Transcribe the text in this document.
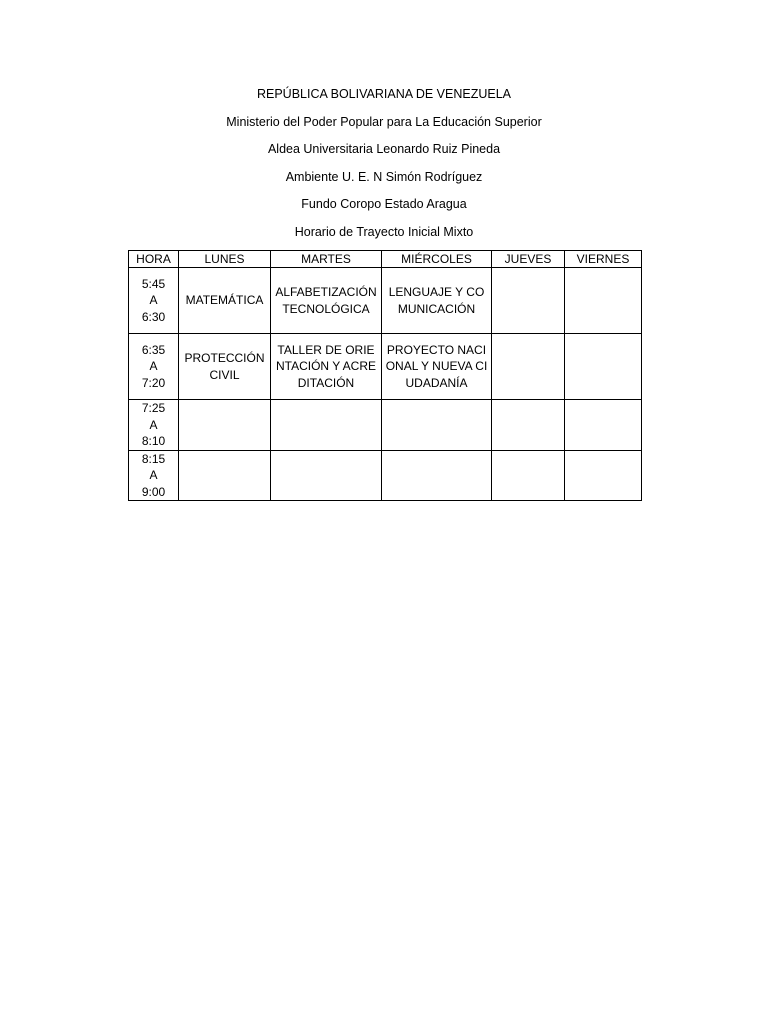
REPÚBLICA BOLIVARIANA DE VENEZUELA
Ministerio del Poder Popular para La Educación Superior
Aldea Universitaria Leonardo Ruiz Pineda
Ambiente U. E. N Simón Rodríguez
Fundo Coropo Estado Aragua
Horario de Trayecto Inicial Mixto
HORA	LUNES	MARTES	MIÉRCOLES	JUEVES	VIERNES

5:45
A
6:30	MATEMÁTICA	ALFABETIZACIÓN TECNOLÓGICA	LENGUAJE Y COMUNICACIÓN		

6:35
A
7:20	PROTECCIÓN CIVIL	TALLER DE ORIENTACIÓN Y ACREDITACIÓN	PROYECTO NACIONAL Y NUEVA CIUDADANÍA		

7:25
A
8:10					

8:15
A
9:00					
